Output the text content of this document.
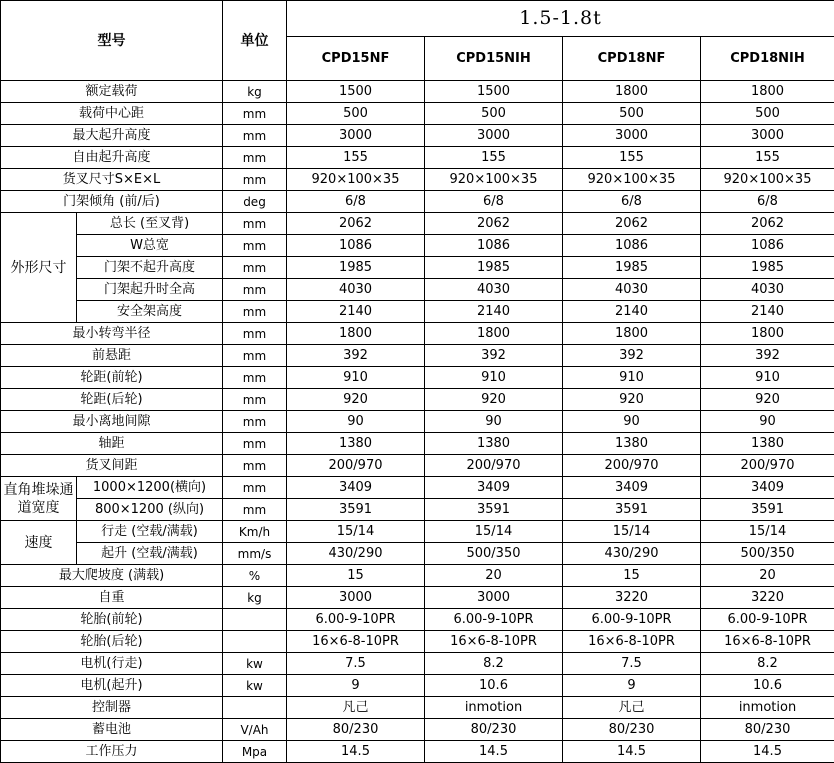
型号		单位	1.5-1.8t			
			CPD15NF	CPD15NIH	CPD18NF	CPD18NIH
额定载荷		kg	1500	1500	1800	1800
载荷中心距		mm	500	500	500	500
最大起升高度		mm	3000	3000	3000	3000
自由起升高度		mm	155	155	155	155
货叉尺寸S×E×L		mm	920×100×35	920×100×35	920×100×35	920×100×35
门架倾角 (前/后)		deg	6/8	6/8	6/8	6/8
外形尺寸	总长 (至叉背)	mm	2062	2062	2062	2062
	W总宽	mm	1086	1086	1086	1086
	门架不起升高度	mm	1985	1985	1985	1985
	门架起升时全高	mm	4030	4030	4030	4030
	安全架高度	mm	2140	2140	2140	2140
最小转弯半径		mm	1800	1800	1800	1800
前悬距		mm	392	392	392	392
轮距(前轮)		mm	910	910	910	910
轮距(后轮)		mm	920	920	920	920
最小离地间隙		mm	90	90	90	90
轴距		mm	1380	1380	1380	1380
货叉间距		mm	200/970	200/970	200/970	200/970
直角堆垛通道宽度	1000×1200(横向)	mm	3409	3409	3409	3409
	800×1200 (纵向)	mm	3591	3591	3591	3591
速度	行走 (空载/满载)	Km/h	15/14	15/14	15/14	15/14
	起升 (空载/满载)	mm/s	430/290	500/350	430/290	500/350
最大爬坡度 (满载)		%	15	20	15	20
自重		kg	3000	3000	3220	3220
轮胎(前轮)			6.00-9-10PR	6.00-9-10PR	6.00-9-10PR	6.00-9-10PR
轮胎(后轮)			16×6-8-10PR	16×6-8-10PR	16×6-8-10PR	16×6-8-10PR
电机(行走)		kw	7.5	8.2	7.5	8.2
电机(起升)		kw	9	10.6	9	10.6
控制器			凡己	inmotion	凡己	inmotion
蓄电池		V/Ah	80/230	80/230	80/230	80/230
工作压力		Mpa	14.5	14.5	14.5	14.5
